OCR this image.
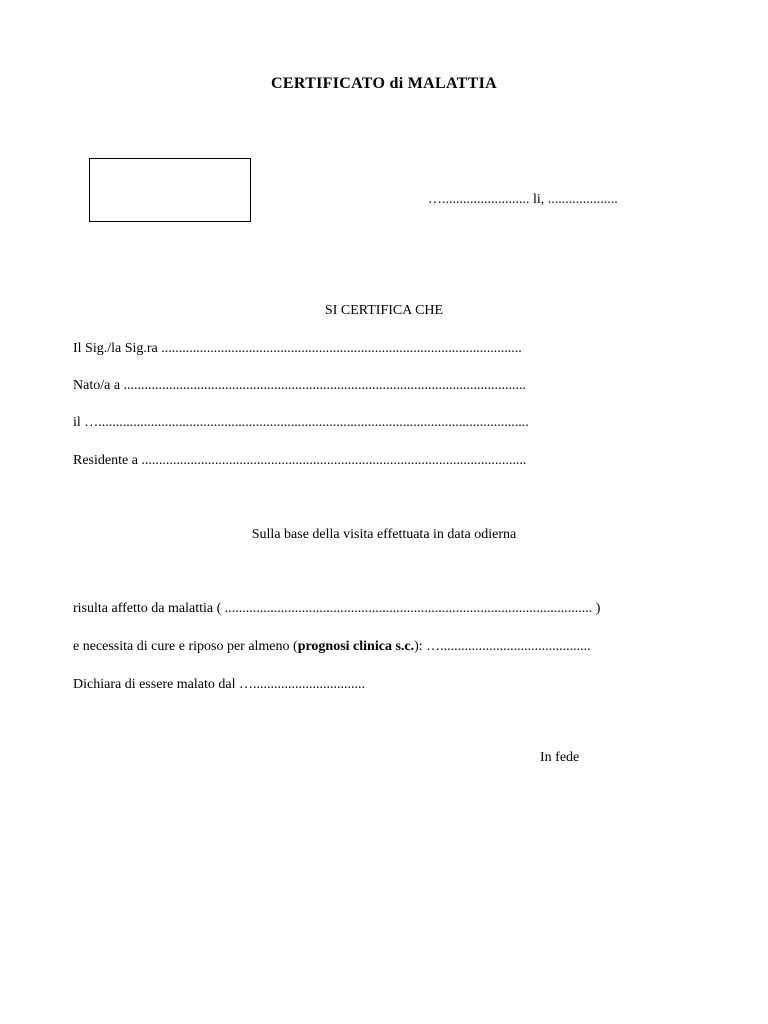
CERTIFICATO di MALATTIA
…......................... li, ....................
SI CERTIFICA CHE
Il Sig./la Sig.ra .......................................................................................................
Nato/a a ...................................................................................................................
il …...........................................................................................................................
Residente a ..............................................................................................................
Sulla base della visita effettuata in data odierna
risulta affetto da malattia ( ......................................................................................................... )
e necessita di cure e riposo per almeno (prognosi clinica s.c.): …...........................................
Dichiara di essere malato dal …................................
In fede
